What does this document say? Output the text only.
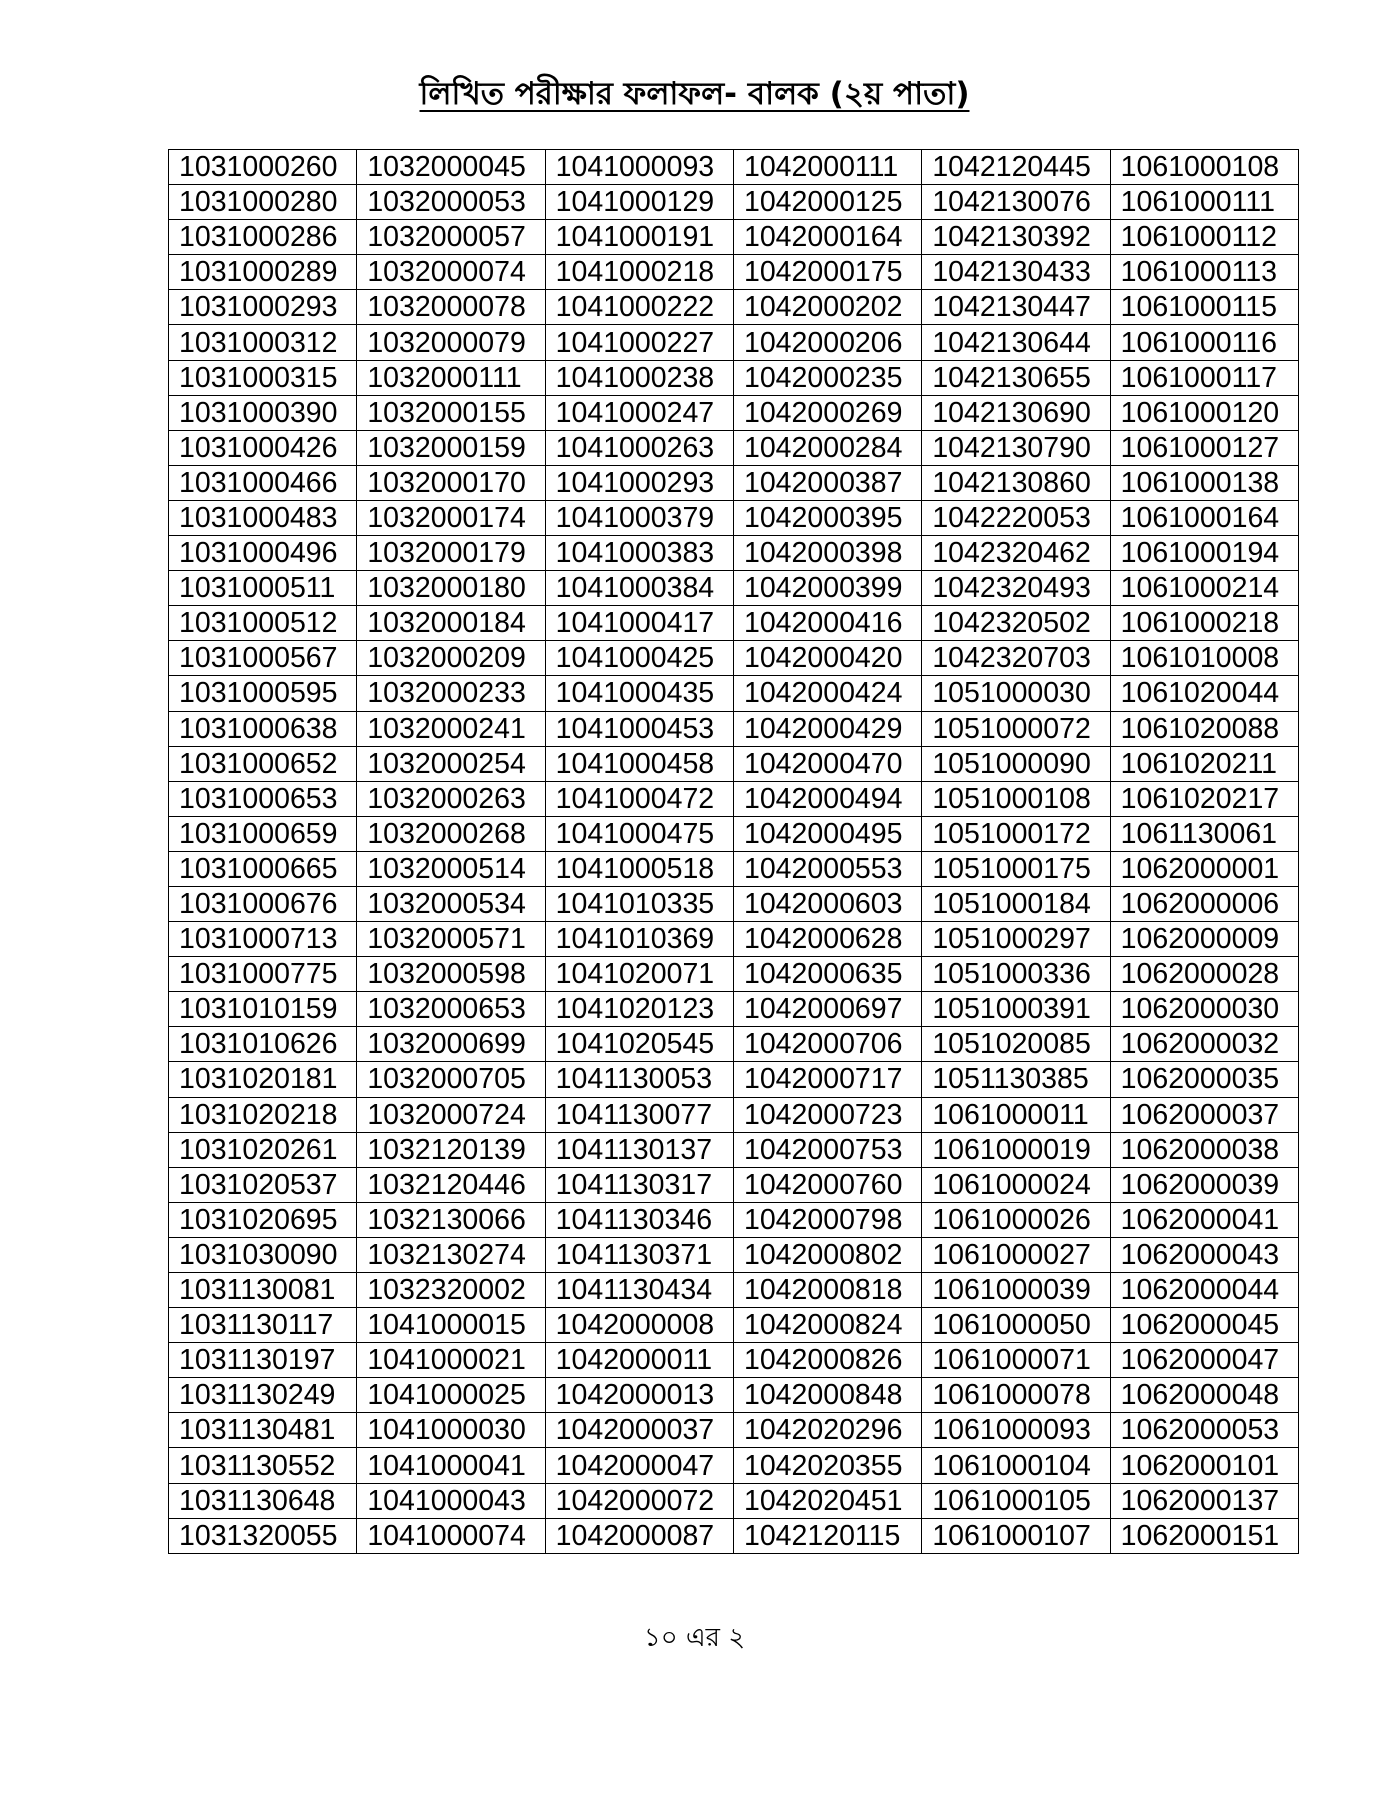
লিখিত পরীক্ষার ফলাফল- বালক (২য় পাতা)
1031000260	1032000045	1041000093	1042000111	1042120445	1061000108
1031000280	1032000053	1041000129	1042000125	1042130076	1061000111
1031000286	1032000057	1041000191	1042000164	1042130392	1061000112
1031000289	1032000074	1041000218	1042000175	1042130433	1061000113
1031000293	1032000078	1041000222	1042000202	1042130447	1061000115
1031000312	1032000079	1041000227	1042000206	1042130644	1061000116
1031000315	1032000111	1041000238	1042000235	1042130655	1061000117
1031000390	1032000155	1041000247	1042000269	1042130690	1061000120
1031000426	1032000159	1041000263	1042000284	1042130790	1061000127
1031000466	1032000170	1041000293	1042000387	1042130860	1061000138
1031000483	1032000174	1041000379	1042000395	1042220053	1061000164
1031000496	1032000179	1041000383	1042000398	1042320462	1061000194
1031000511	1032000180	1041000384	1042000399	1042320493	1061000214
1031000512	1032000184	1041000417	1042000416	1042320502	1061000218
1031000567	1032000209	1041000425	1042000420	1042320703	1061010008
1031000595	1032000233	1041000435	1042000424	1051000030	1061020044
1031000638	1032000241	1041000453	1042000429	1051000072	1061020088
1031000652	1032000254	1041000458	1042000470	1051000090	1061020211
1031000653	1032000263	1041000472	1042000494	1051000108	1061020217
1031000659	1032000268	1041000475	1042000495	1051000172	1061130061
1031000665	1032000514	1041000518	1042000553	1051000175	1062000001
1031000676	1032000534	1041010335	1042000603	1051000184	1062000006
1031000713	1032000571	1041010369	1042000628	1051000297	1062000009
1031000775	1032000598	1041020071	1042000635	1051000336	1062000028
1031010159	1032000653	1041020123	1042000697	1051000391	1062000030
1031010626	1032000699	1041020545	1042000706	1051020085	1062000032
1031020181	1032000705	1041130053	1042000717	1051130385	1062000035
1031020218	1032000724	1041130077	1042000723	1061000011	1062000037
1031020261	1032120139	1041130137	1042000753	1061000019	1062000038
1031020537	1032120446	1041130317	1042000760	1061000024	1062000039
1031020695	1032130066	1041130346	1042000798	1061000026	1062000041
1031030090	1032130274	1041130371	1042000802	1061000027	1062000043
1031130081	1032320002	1041130434	1042000818	1061000039	1062000044
1031130117	1041000015	1042000008	1042000824	1061000050	1062000045
1031130197	1041000021	1042000011	1042000826	1061000071	1062000047
1031130249	1041000025	1042000013	1042000848	1061000078	1062000048
1031130481	1041000030	1042000037	1042020296	1061000093	1062000053
1031130552	1041000041	1042000047	1042020355	1061000104	1062000101
1031130648	1041000043	1042000072	1042020451	1061000105	1062000137
1031320055	1041000074	1042000087	1042120115	1061000107	1062000151
১০ এর ২
